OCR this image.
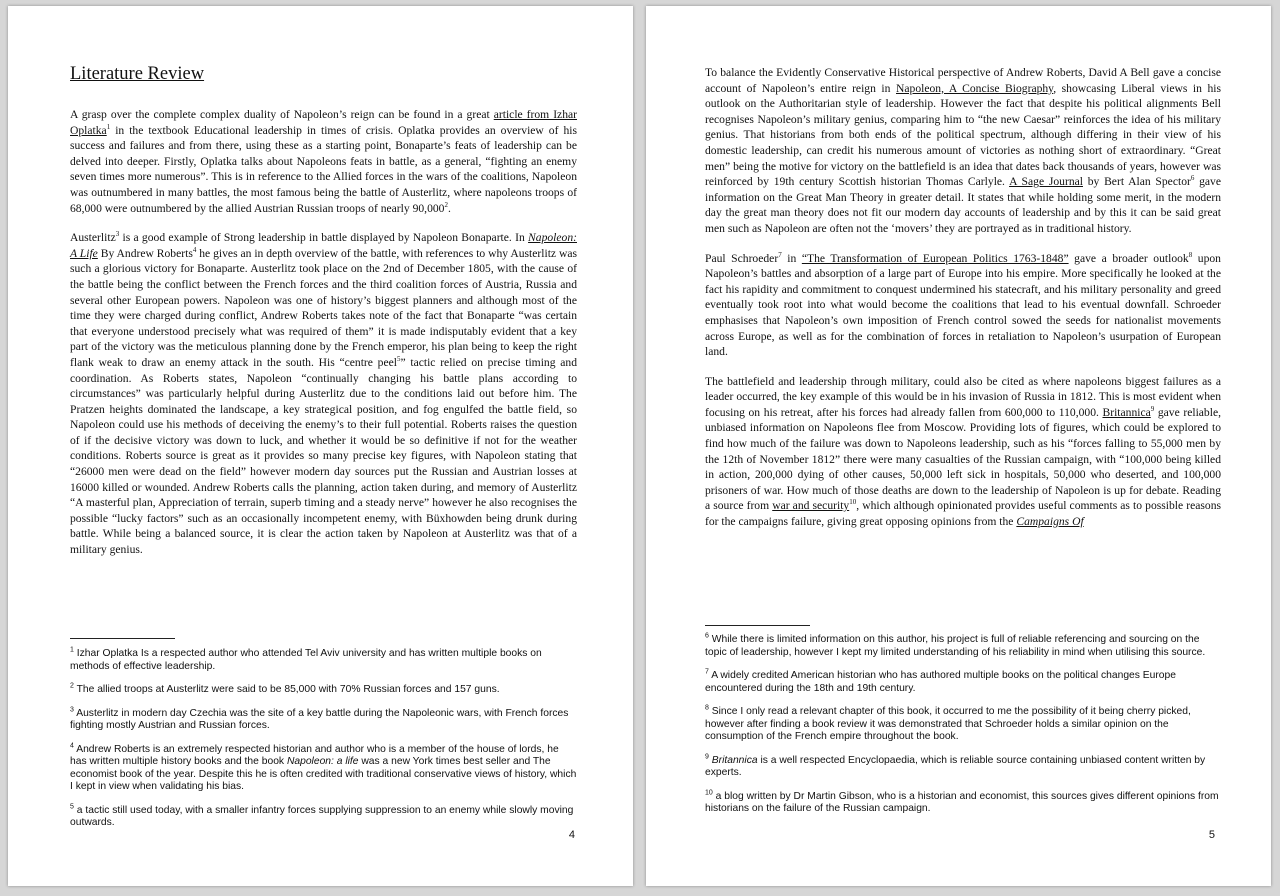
Literature Review

A grasp over the complete complex duality of Napoleon’s reign can be found in a great article from Izhar Oplatka$^1$ in the textbook Educational leadership in times of crisis. Oplatka provides an overview of his success and failures and from there, using these as a starting point, Bonaparte’s feats of leadership can be delved into deeper. Firstly, Oplatka talks about Napoleons feats in battle, as a general, “fighting an enemy seven times more numerous”. This is in reference to the Allied forces in the wars of the coalitions, Napoleon was outnumbered in many battles, the most famous being the battle of Austerlitz, where napoleons troops of 68,000 were outnumbered by the allied Austrian Russian troops of nearly 90,000$^2$.

Austerlitz$^3$ is a good example of Strong leadership in battle displayed by Napoleon Bonaparte. In Napoleon: A Life By Andrew Roberts$^4$ he gives an in depth overview of the battle, with references to why Austerlitz was such a glorious victory for Bonaparte. Austerlitz took place on the 2nd of December 1805, with the cause of the battle being the conflict between the French forces and the third coalition forces of Austria, Russia and several other European powers. Napoleon was one of history’s biggest planners and although most of the time they were charged during conflict, Andrew Roberts takes note of the fact that Bonaparte “was certain that everyone understood precisely what was required of them” it is made indisputably evident that a key part of the victory was the meticulous planning done by the French emperor, his plan being to keep the right flank weak to draw an enemy attack in the south. His “centre peel$^5$” tactic relied on precise timing and coordination. As Roberts states, Napoleon “continually changing his battle plans according to circumstances” was particularly helpful during Austerlitz due to the conditions laid out before him. The Pratzen heights dominated the landscape, a key strategical position, and fog engulfed the battle field, so Napoleon could use his methods of deceiving the enemy’s to their full potential. Roberts raises the question of if the decisive victory was down to luck, and whether it would be so definitive if not for the weather conditions. Roberts source is great as it provides so many precise key figures, with Napoleon stating that “26000 men were dead on the field” however modern day sources put the Russian and Austrian losses at 16000 killed or wounded. Andrew Roberts calls the planning, action taken during, and memory of Austerlitz “A masterful plan, Appreciation of terrain, superb timing and a steady nerve” however he also recognises the possible “lucky factors” such as an occasionally incompetent enemy, with Büxhowden being drunk during battle. While being a balanced source, it is clear the action taken by Napoleon at Austerlitz was that of a military genius.

$^1$ Izhar Oplatka Is a respected author who attended Tel Aviv university and has written multiple books on methods of effective leadership.
$^2$ The allied troops at Austerlitz were said to be 85,000 with 70% Russian forces and 157 guns.
$^3$ Austerlitz in modern day Czechia was the site of a key battle during the Napoleonic wars, with French forces fighting mostly Austrian and Russian forces.
$^4$ Andrew Roberts is an extremely respected historian and author who is a member of the house of lords, he has written multiple history books and the book Napoleon: a life was a new York times best seller and The economist book of the year. Despite this he is often credited with traditional conservative views of history, which I kept in view when validating his bias.
$^5$ a tactic still used today, with a smaller infantry forces supplying suppression to an enemy while slowly moving outwards.
4

To balance the Evidently Conservative Historical perspective of Andrew Roberts, David A Bell gave a concise account of Napoleon’s entire reign in Napoleon, A Concise Biography, showcasing Liberal views in his outlook on the Authoritarian style of leadership. However the fact that despite his political alignments Bell recognises Napoleon’s military genius, comparing him to “the new Caesar” reinforces the idea of his military genius. That historians from both ends of the political spectrum, although differing in their view of his domestic leadership, can credit his numerous amount of victories as nothing short of extraordinary. “Great men” being the motive for victory on the battlefield is an idea that dates back thousands of years, however was reinforced by 19th century Scottish historian Thomas Carlyle. A Sage Journal by Bert Alan Spector$^6$ gave information on the Great Man Theory in greater detail. It states that while holding some merit, in the modern day the great man theory does not fit our modern day accounts of leadership and by this it can be said great men such as Napoleon are often not the ‘movers’ they are portrayed as in traditional history.

Paul Schroeder$^7$ in “The Transformation of European Politics 1763-1848” gave a broader outlook$^8$ upon Napoleon’s battles and absorption of a large part of Europe into his empire. More specifically he looked at the fact his rapidity and commitment to conquest undermined his statecraft, and his military personality and greed eventually took root into what would become the coalitions that lead to his eventual downfall. Schroeder emphasises that Napoleon’s own imposition of French control sowed the seeds for nationalist movements across Europe, as well as for the combination of forces in retaliation to Napoleon’s usurpation of European land.

The battlefield and leadership through military, could also be cited as where napoleons biggest failures as a leader occurred, the key example of this would be in his invasion of Russia in 1812. This is most evident when focusing on his retreat, after his forces had already fallen from 600,000 to 110,000. Britannica$^9$ gave reliable, unbiased information on Napoleons flee from Moscow. Providing lots of figures, which could be explored to find how much of the failure was down to Napoleons leadership, such as his “forces falling to 55,000 men by the 12th of November 1812” there were many casualties of the Russian campaign, with “100,000 being killed in action, 200,000 dying of other causes, 50,000 left sick in hospitals, 50,000 who deserted, and 100,000 prisoners of war. How much of those deaths are down to the leadership of Napoleon is up for debate. Reading a source from war and security$^{10}$, which although opinionated provides useful comments as to possible reasons for the campaigns failure, giving great opposing opinions from the Campaigns Of

$^6$ While there is limited information on this author, his project is full of reliable referencing and sourcing on the topic of leadership, however I kept my limited understanding of his reliability in mind when utilising this source.
$^7$ A widely credited American historian who has authored multiple books on the political changes Europe encountered during the 18th and 19th century.
$^8$ Since I only read a relevant chapter of this book, it occurred to me the possibility of it being cherry picked, however after finding a book review it was demonstrated that Schroeder holds a similar opinion on the consumption of the French empire throughout the book.
$^9$ Britannica is a well respected Encyclopaedia, which is reliable source containing unbiased content written by experts.
$^{10}$ a blog written by Dr Martin Gibson, who is a historian and economist, this sources gives different opinions from historians on the failure of the Russian campaign.
5
